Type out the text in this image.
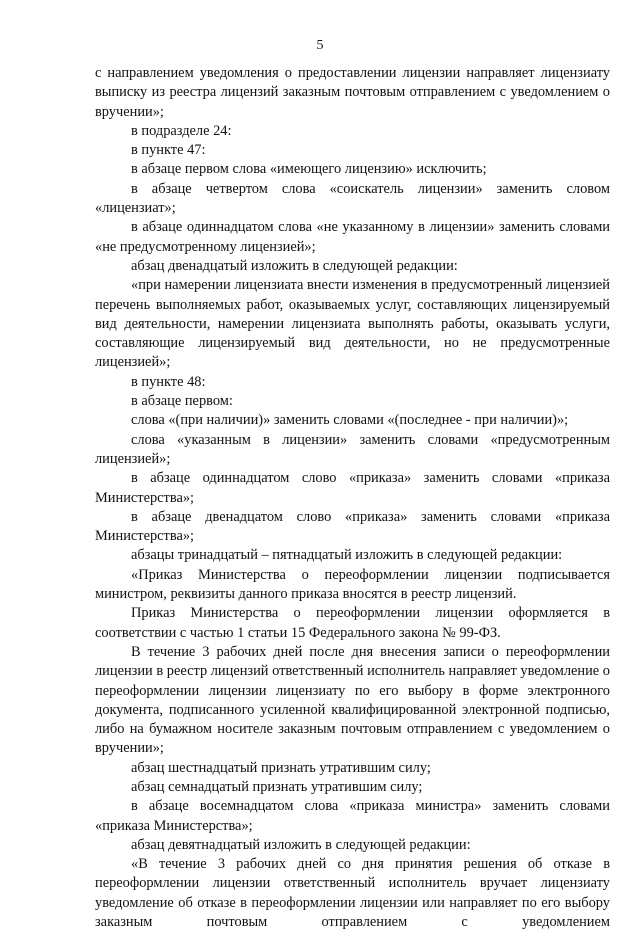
5

с направлением уведомления о предоставлении лицензии направляет лицензиату выписку из реестра лицензий заказным почтовым отправлением с уведомлением о вручении»;

в подразделе 24:

в пункте 47:

в абзаце первом слова «имеющего лицензию» исключить;

в абзаце четвертом слова «соискатель лицензии» заменить словом «лицензиат»;

в абзаце одиннадцатом слова «не указанному в лицензии» заменить словами «не предусмотренному лицензией»;

абзац двенадцатый изложить в следующей редакции:

«при намерении лицензиата внести изменения в предусмотренный лицензией перечень выполняемых работ, оказываемых услуг, составляющих лицензируемый вид деятельности, намерении лицензиата выполнять работы, оказывать услуги, составляющие лицензируемый вид деятельности, но не предусмотренные лицензией»;

в пункте 48:

в абзаце первом:

слова «(при наличии)» заменить словами «(последнее - при наличии)»;

слова «указанным в лицензии» заменить словами «предусмотренным лицензией»;

в абзаце одиннадцатом слово «приказа» заменить словами «приказа Министерства»;

в абзаце двенадцатом слово «приказа» заменить словами «приказа Министерства»;

абзацы тринадцатый – пятнадцатый изложить в следующей редакции:

«Приказ Министерства о переоформлении лицензии подписывается министром, реквизиты данного приказа вносятся в реестр лицензий.

Приказ Министерства о переоформлении лицензии оформляется в соответствии с частью 1 статьи 15 Федерального закона № 99-ФЗ.

В течение 3 рабочих дней после дня внесения записи о переоформлении лицензии в реестр лицензий ответственный исполнитель направляет уведомление о переоформлении лицензии лицензиату по его выбору в форме электронного документа, подписанного усиленной квалифицированной электронной подписью, либо на бумажном носителе заказным почтовым отправлением с уведомлением о вручении»;

абзац шестнадцатый признать утратившим силу;

абзац семнадцатый признать утратившим силу;

в абзаце восемнадцатом слова «приказа министра» заменить словами «приказа Министерства»;

абзац девятнадцатый изложить в следующей редакции:

«В течение 3 рабочих дней со дня принятия решения об отказе в переоформлении лицензии ответственный исполнитель вручает лицензиату уведомление об отказе в переоформлении лицензии или направляет по его выбору заказным почтовым отправлением с уведомлением
